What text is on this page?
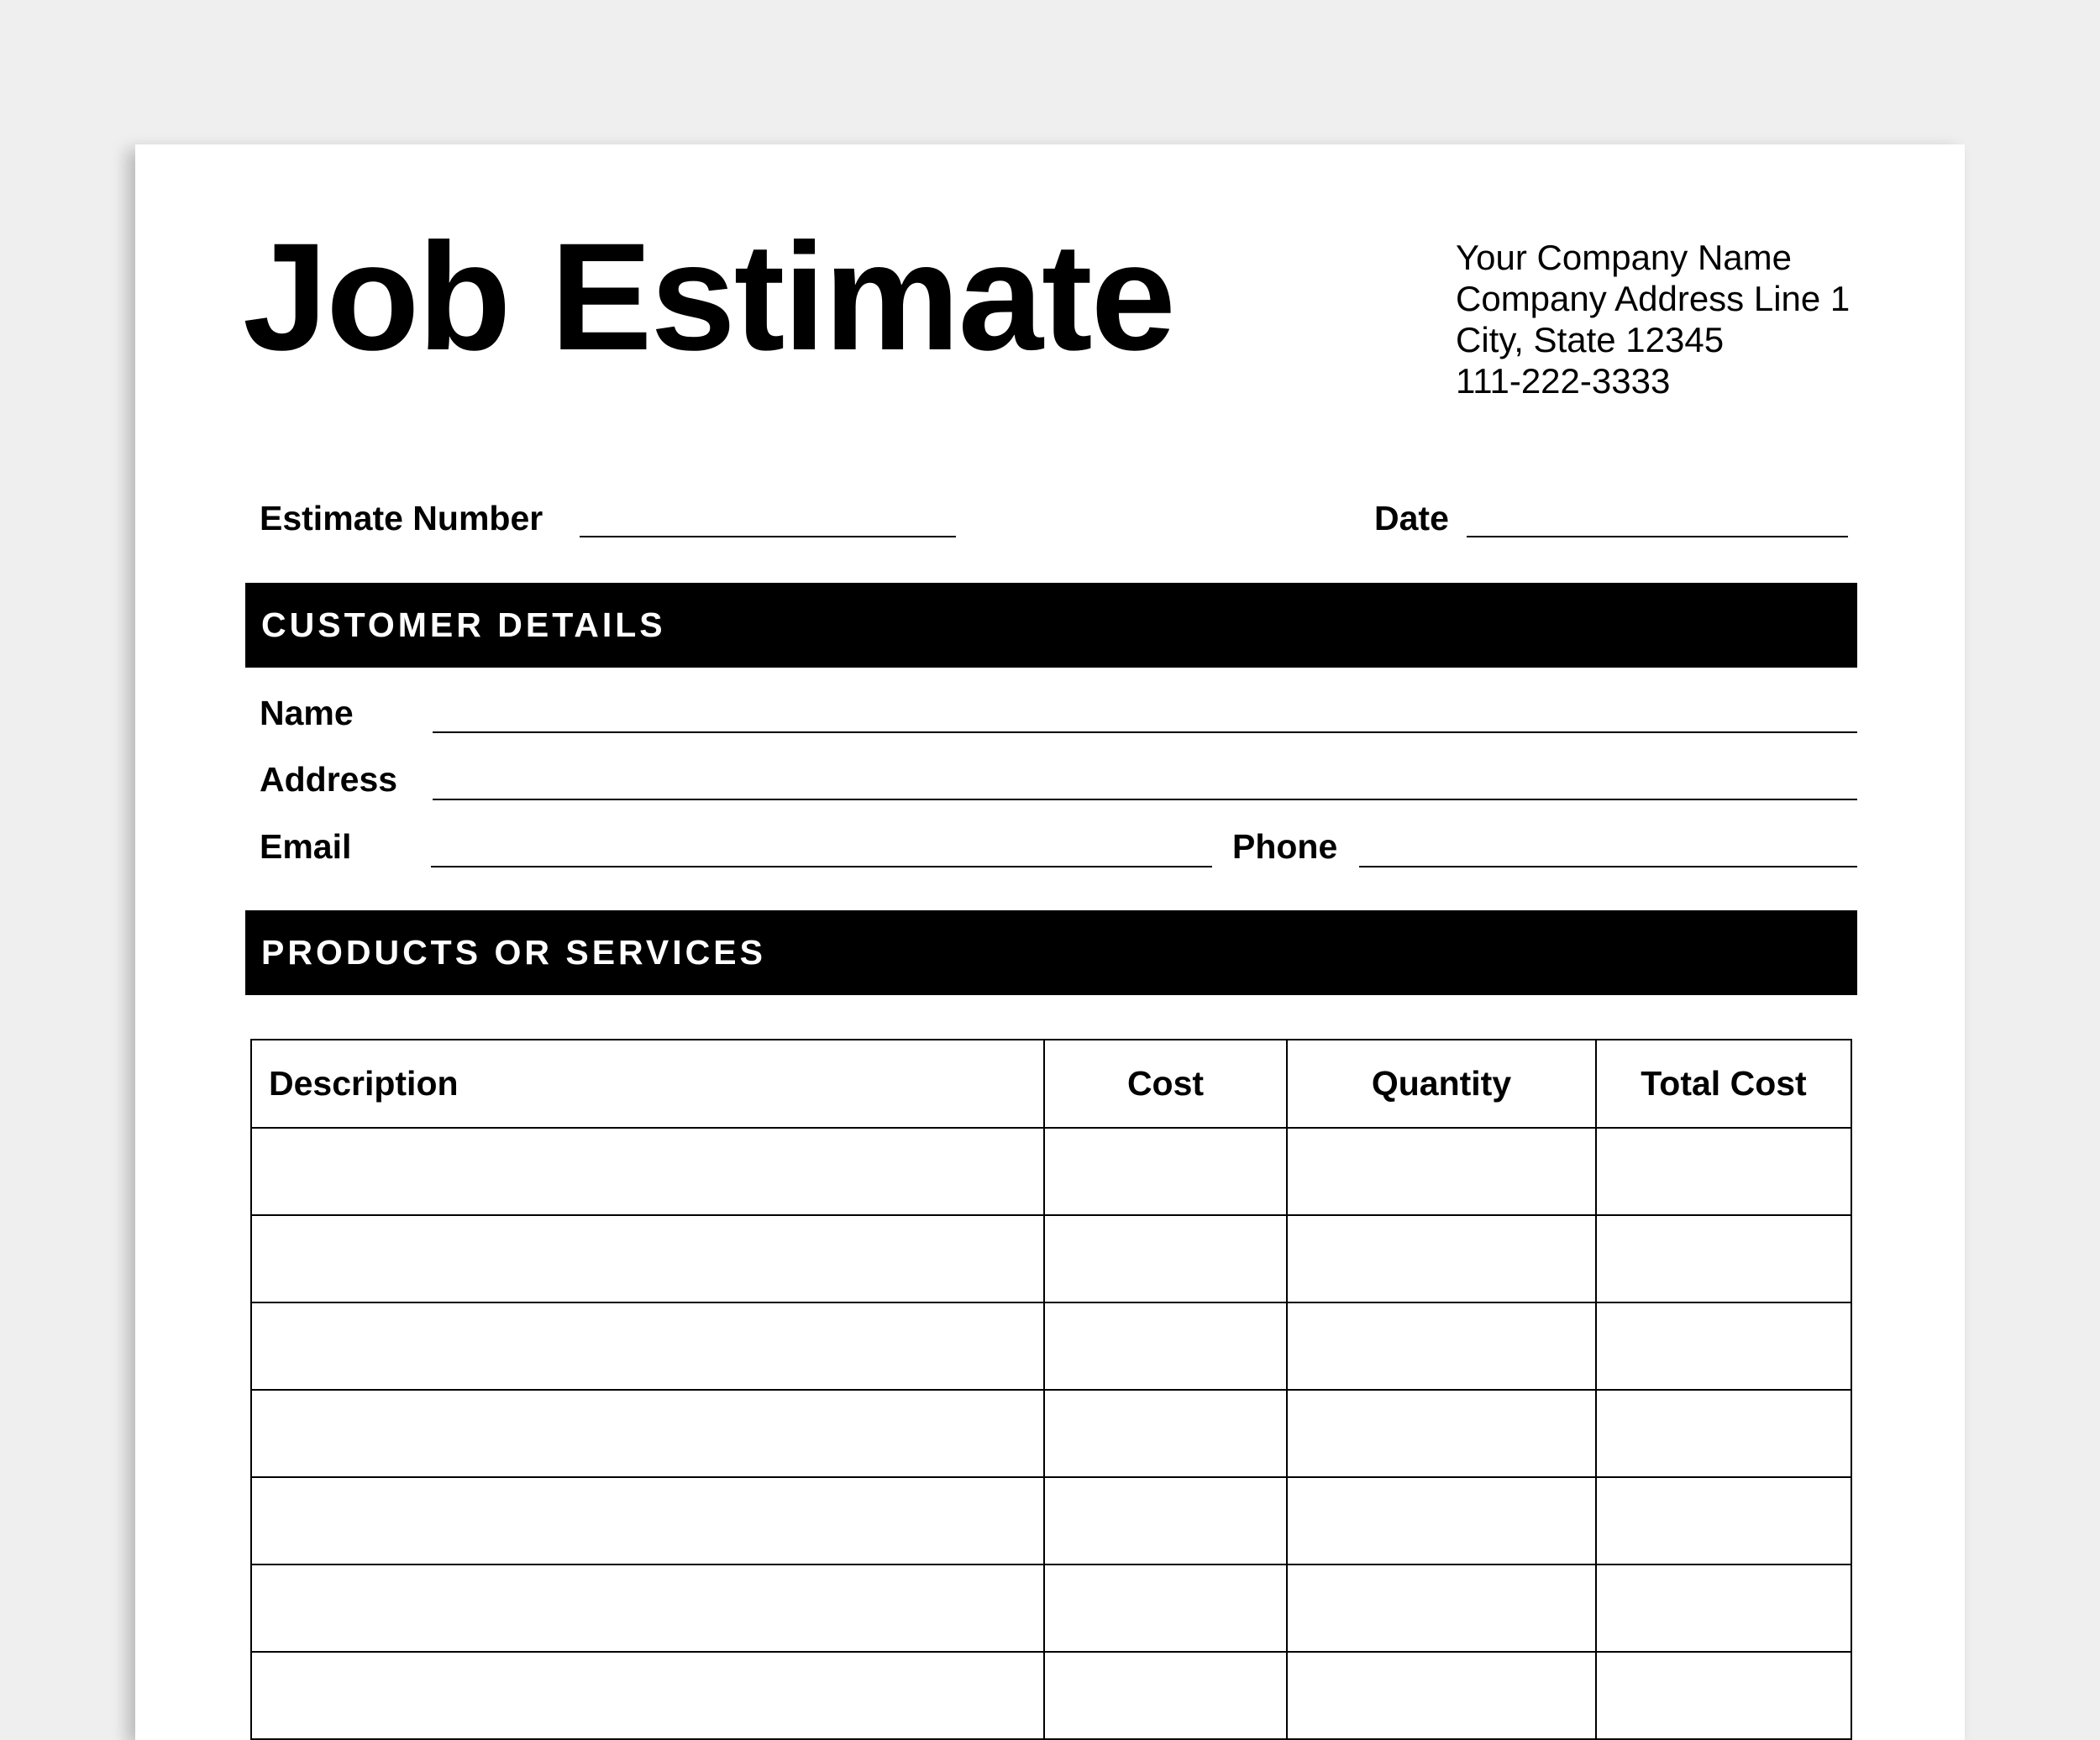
Job Estimate	Your Company Name
Company Address Line 1
City, State 12345
111-222-3333
Estimate Number	Date
CUSTOMER DETAILS
Name
Address
Email	Phone
PRODUCTS OR SERVICES
Description	Cost	Quantity	Total Cost
